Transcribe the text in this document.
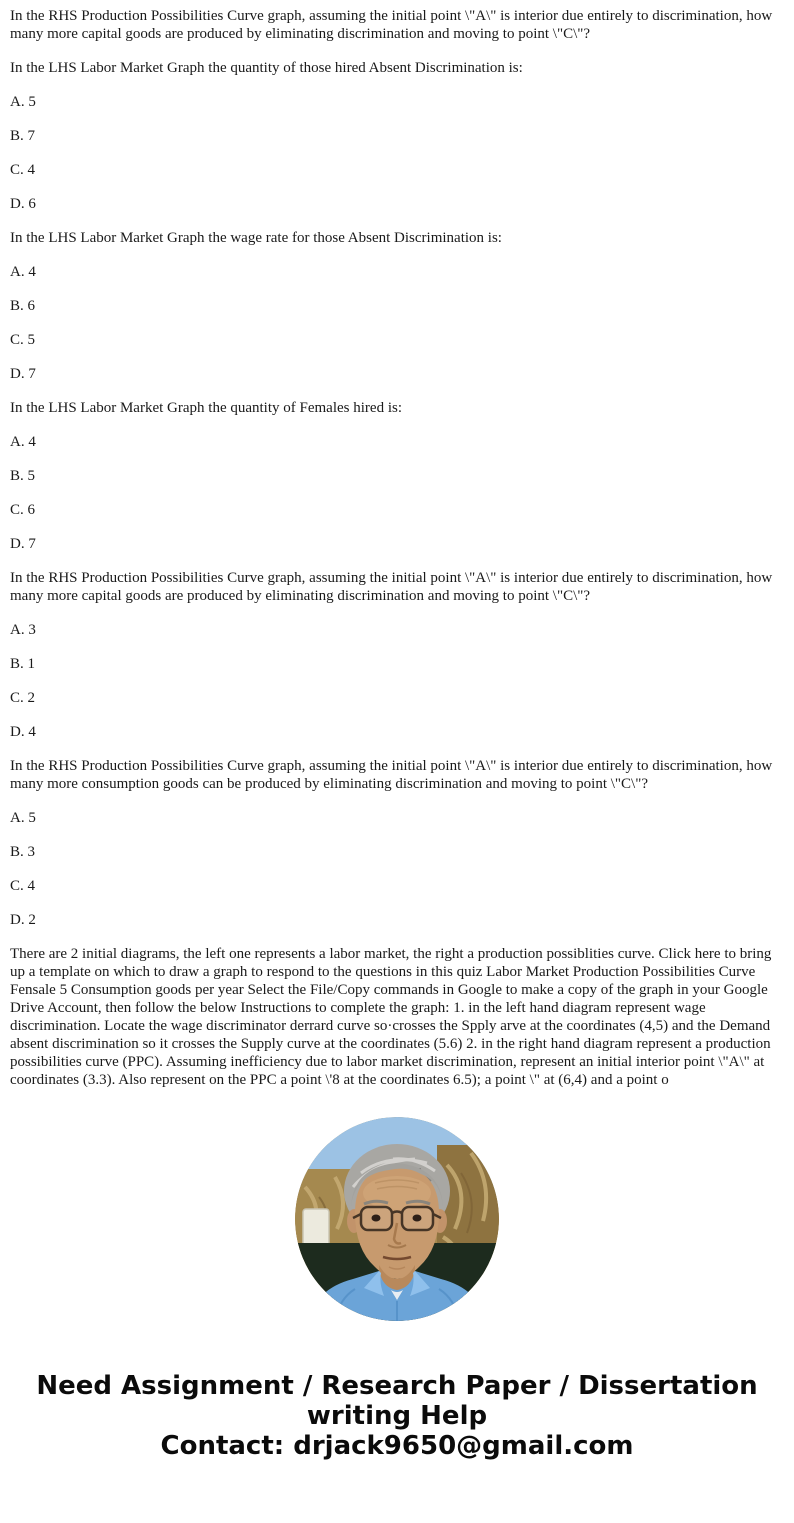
In the RHS Production Possibilities Curve graph, assuming the initial point \"A\" is interior due entirely to discrimination, how many more capital goods are produced by eliminating discrimination and moving to point \"C\"?

In the LHS Labor Market Graph the quantity of those hired Absent Discrimination is:

A. 5

B. 7

C. 4

D. 6

In the LHS Labor Market Graph the wage rate for those Absent Discrimination is:

A. 4

B. 6

C. 5

D. 7

In the LHS Labor Market Graph the quantity of Females hired is:

A. 4

B. 5

C. 6

D. 7

In the RHS Production Possibilities Curve graph, assuming the initial point \"A\" is interior due entirely to discrimination, how many more capital goods are produced by eliminating discrimination and moving to point \"C\"?

A. 3

B. 1

C. 2

D. 4

In the RHS Production Possibilities Curve graph, assuming the initial point \"A\" is interior due entirely to discrimination, how many more consumption goods can be produced by eliminating discrimination and moving to point \"C\"?

A. 5

B. 3

C. 4

D. 2

There are 2 initial diagrams, the left one represents a labor market, the right a production possiblities curve. Click here to bring up a template on which to draw a graph to respond to the questions in this quiz Labor Market Production Possibilities Curve Fensale 5 Consumption goods per year Select the File/Copy commands in Google to make a copy of the graph in your Google Drive Account, then follow the below Instructions to complete the graph: 1. in the left hand diagram represent wage discrimination. Locate the wage discriminator derrard curve so·crosses the Spply arve at the coordinates (4,5) and the Demand absent discrimination so it crosses the Supply curve at the coordinates (5.6) 2. in the right hand diagram represent a production possibilities curve (PPC). Assuming inefficiency due to labor market discrimination, represent an initial interior point \"A\" at coordinates (3.3). Also represent on the PPC a point \'8 at the coordinates 6.5); a point \" at (6,4) and a point o

Need Assignment / Research Paper / Dissertation
writing Help
Contact: drjack9650@gmail.com
